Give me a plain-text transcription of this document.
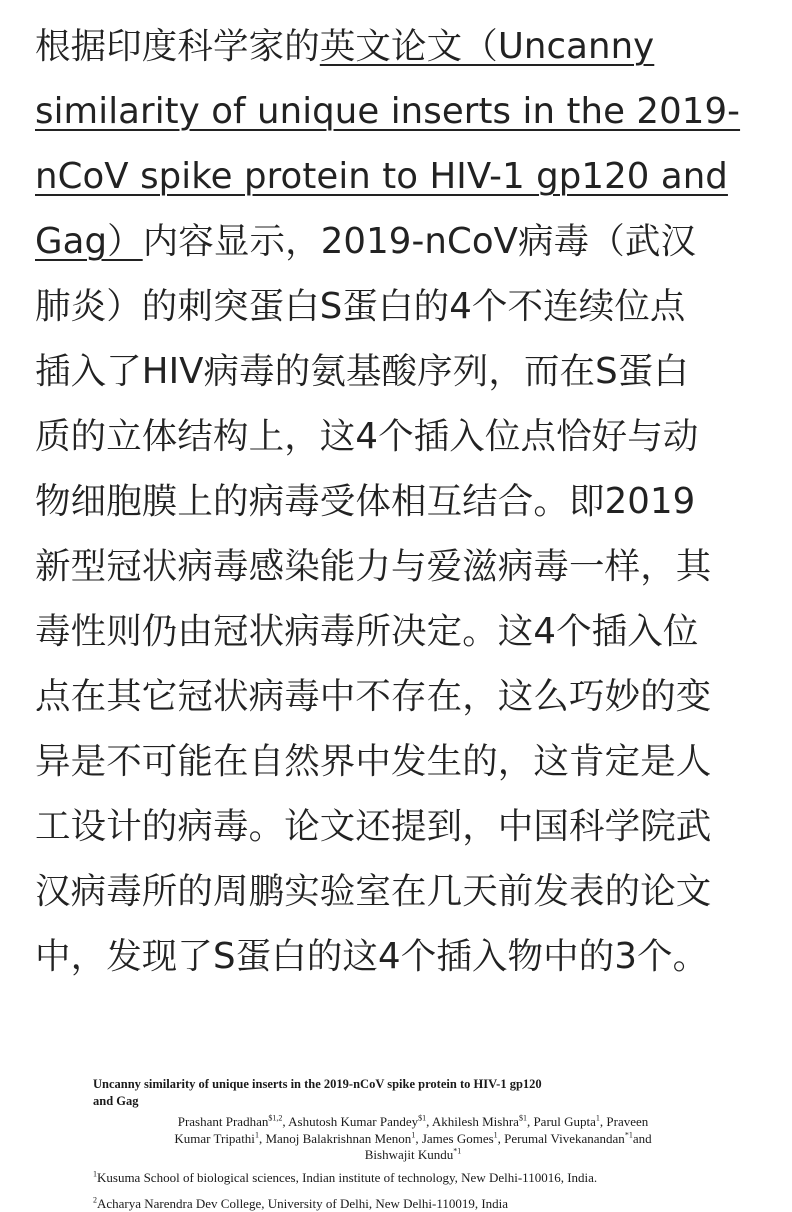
根据印度科学家的英文论文（Uncanny
similarity of unique inserts in the 2019-
nCoV spike protein to HIV-1 gp120 and
Gag）内容显示，2019-nCoV病毒（武汉
肺炎）的刺突蛋白S蛋白的4个不连续位点
插入了HIV病毒的氨基酸序列，而在S蛋白
质的立体结构上，这4个插入位点恰好与动
物细胞膜上的病毒受体相互结合。即2019
新型冠状病毒感染能力与爱滋病毒一样，其
毒性则仍由冠状病毒所决定。这4个插入位
点在其它冠状病毒中不存在，这么巧妙的变
异是不可能在自然界中发生的，这肯定是人
工设计的病毒。论文还提到，中国科学院武
汉病毒所的周鹏实验室在几天前发表的论文
中，发现了S蛋白的这4个插入物中的3个。
Uncanny similarity of unique inserts in the 2019-nCoV spike protein to HIV-1 gp120
and Gag
Prashant Pradhan$^{\$1,2}$, Ashutosh Kumar Pandey$^{\$1}$, Akhilesh Mishra$^{\$1}$, Parul Gupta$^1$, Praveen
Kumar Tripathi$^1$, Manoj Balakrishnan Menon$^1$, James Gomes$^1$, Perumal Vivekanandan$^{*1}$and
Bishwajit Kundu$^{*1}$
$^1$Kusuma School of biological sciences, Indian institute of technology, New Delhi-110016, India.
$^2$Acharya Narendra Dev College, University of Delhi, New Delhi-110019, India
